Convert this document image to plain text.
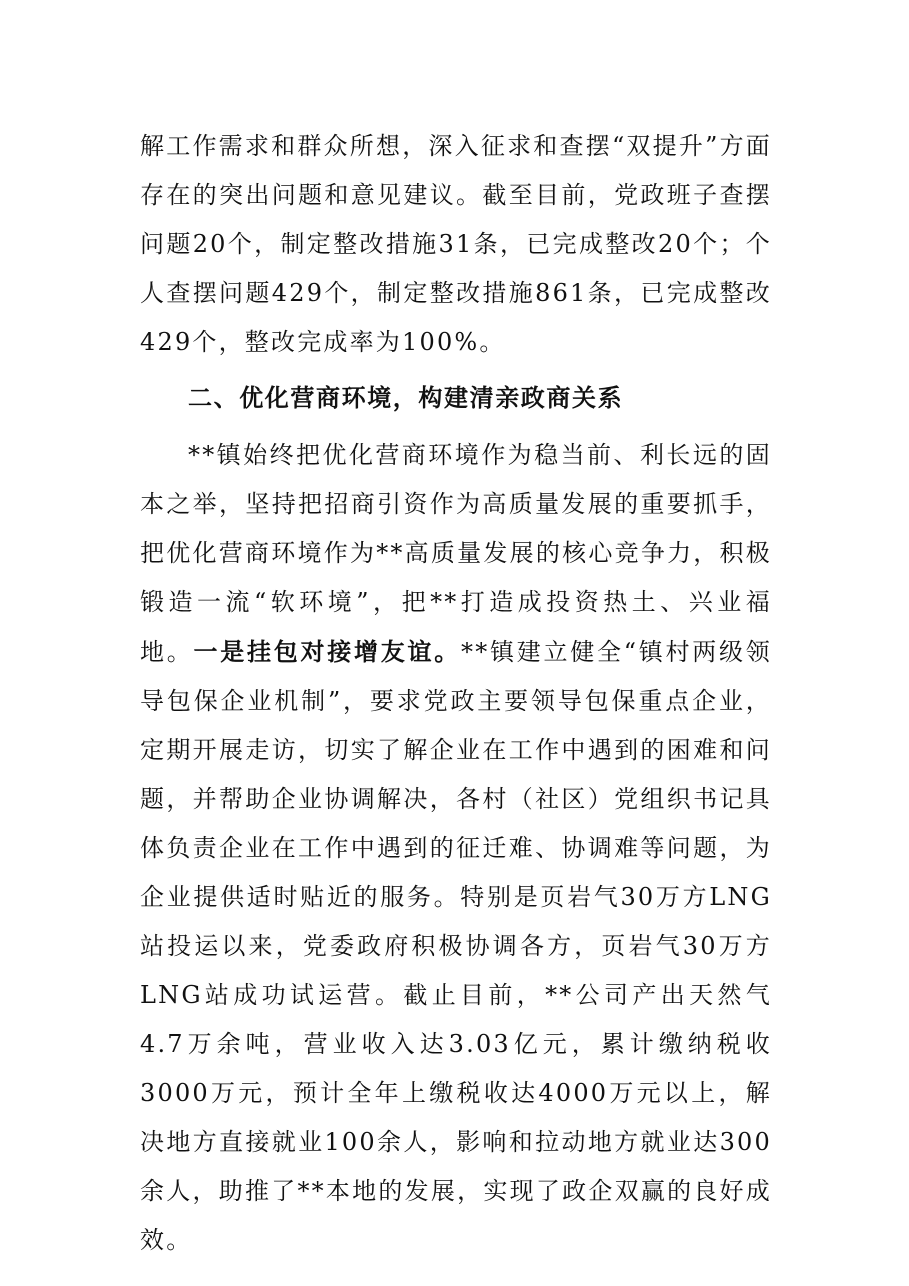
解工作需求和群众所想，深入征求和查摆“双提升”方面存在的突出问题和意见建议。截至目前，党政班子查摆问题20个，制定整改措施31条，已完成整改20个；个人查摆问题429个，制定整改措施861条，已完成整改429个，整改完成率为100%。

二、优化营商环境，构建清亲政商关系

**镇始终把优化营商环境作为稳当前、利长远的固本之举，坚持把招商引资作为高质量发展的重要抓手，把优化营商环境作为**高质量发展的核心竞争力，积极锻造一流“软环境”，把**打造成投资热土、兴业福地。一是挂包对接增友谊。**镇建立健全“镇村两级领导包保企业机制”，要求党政主要领导包保重点企业，定期开展走访，切实了解企业在工作中遇到的困难和问题，并帮助企业协调解决，各村（社区）党组织书记具体负责企业在工作中遇到的征迁难、协调难等问题，为企业提供适时贴近的服务。特别是页岩气30万方LNG站投运以来，党委政府积极协调各方，页岩气30万方LNG站成功试运营。截止目前，**公司产出天然气4.7万余吨，营业收入达3.03亿元，累计缴纳税收3000万元，预计全年上缴税收达4000万元以上，解决地方直接就业100余人，影响和拉动地方就业达300余人，助推了**本地的发展，实现了政企双赢的良好成效。
